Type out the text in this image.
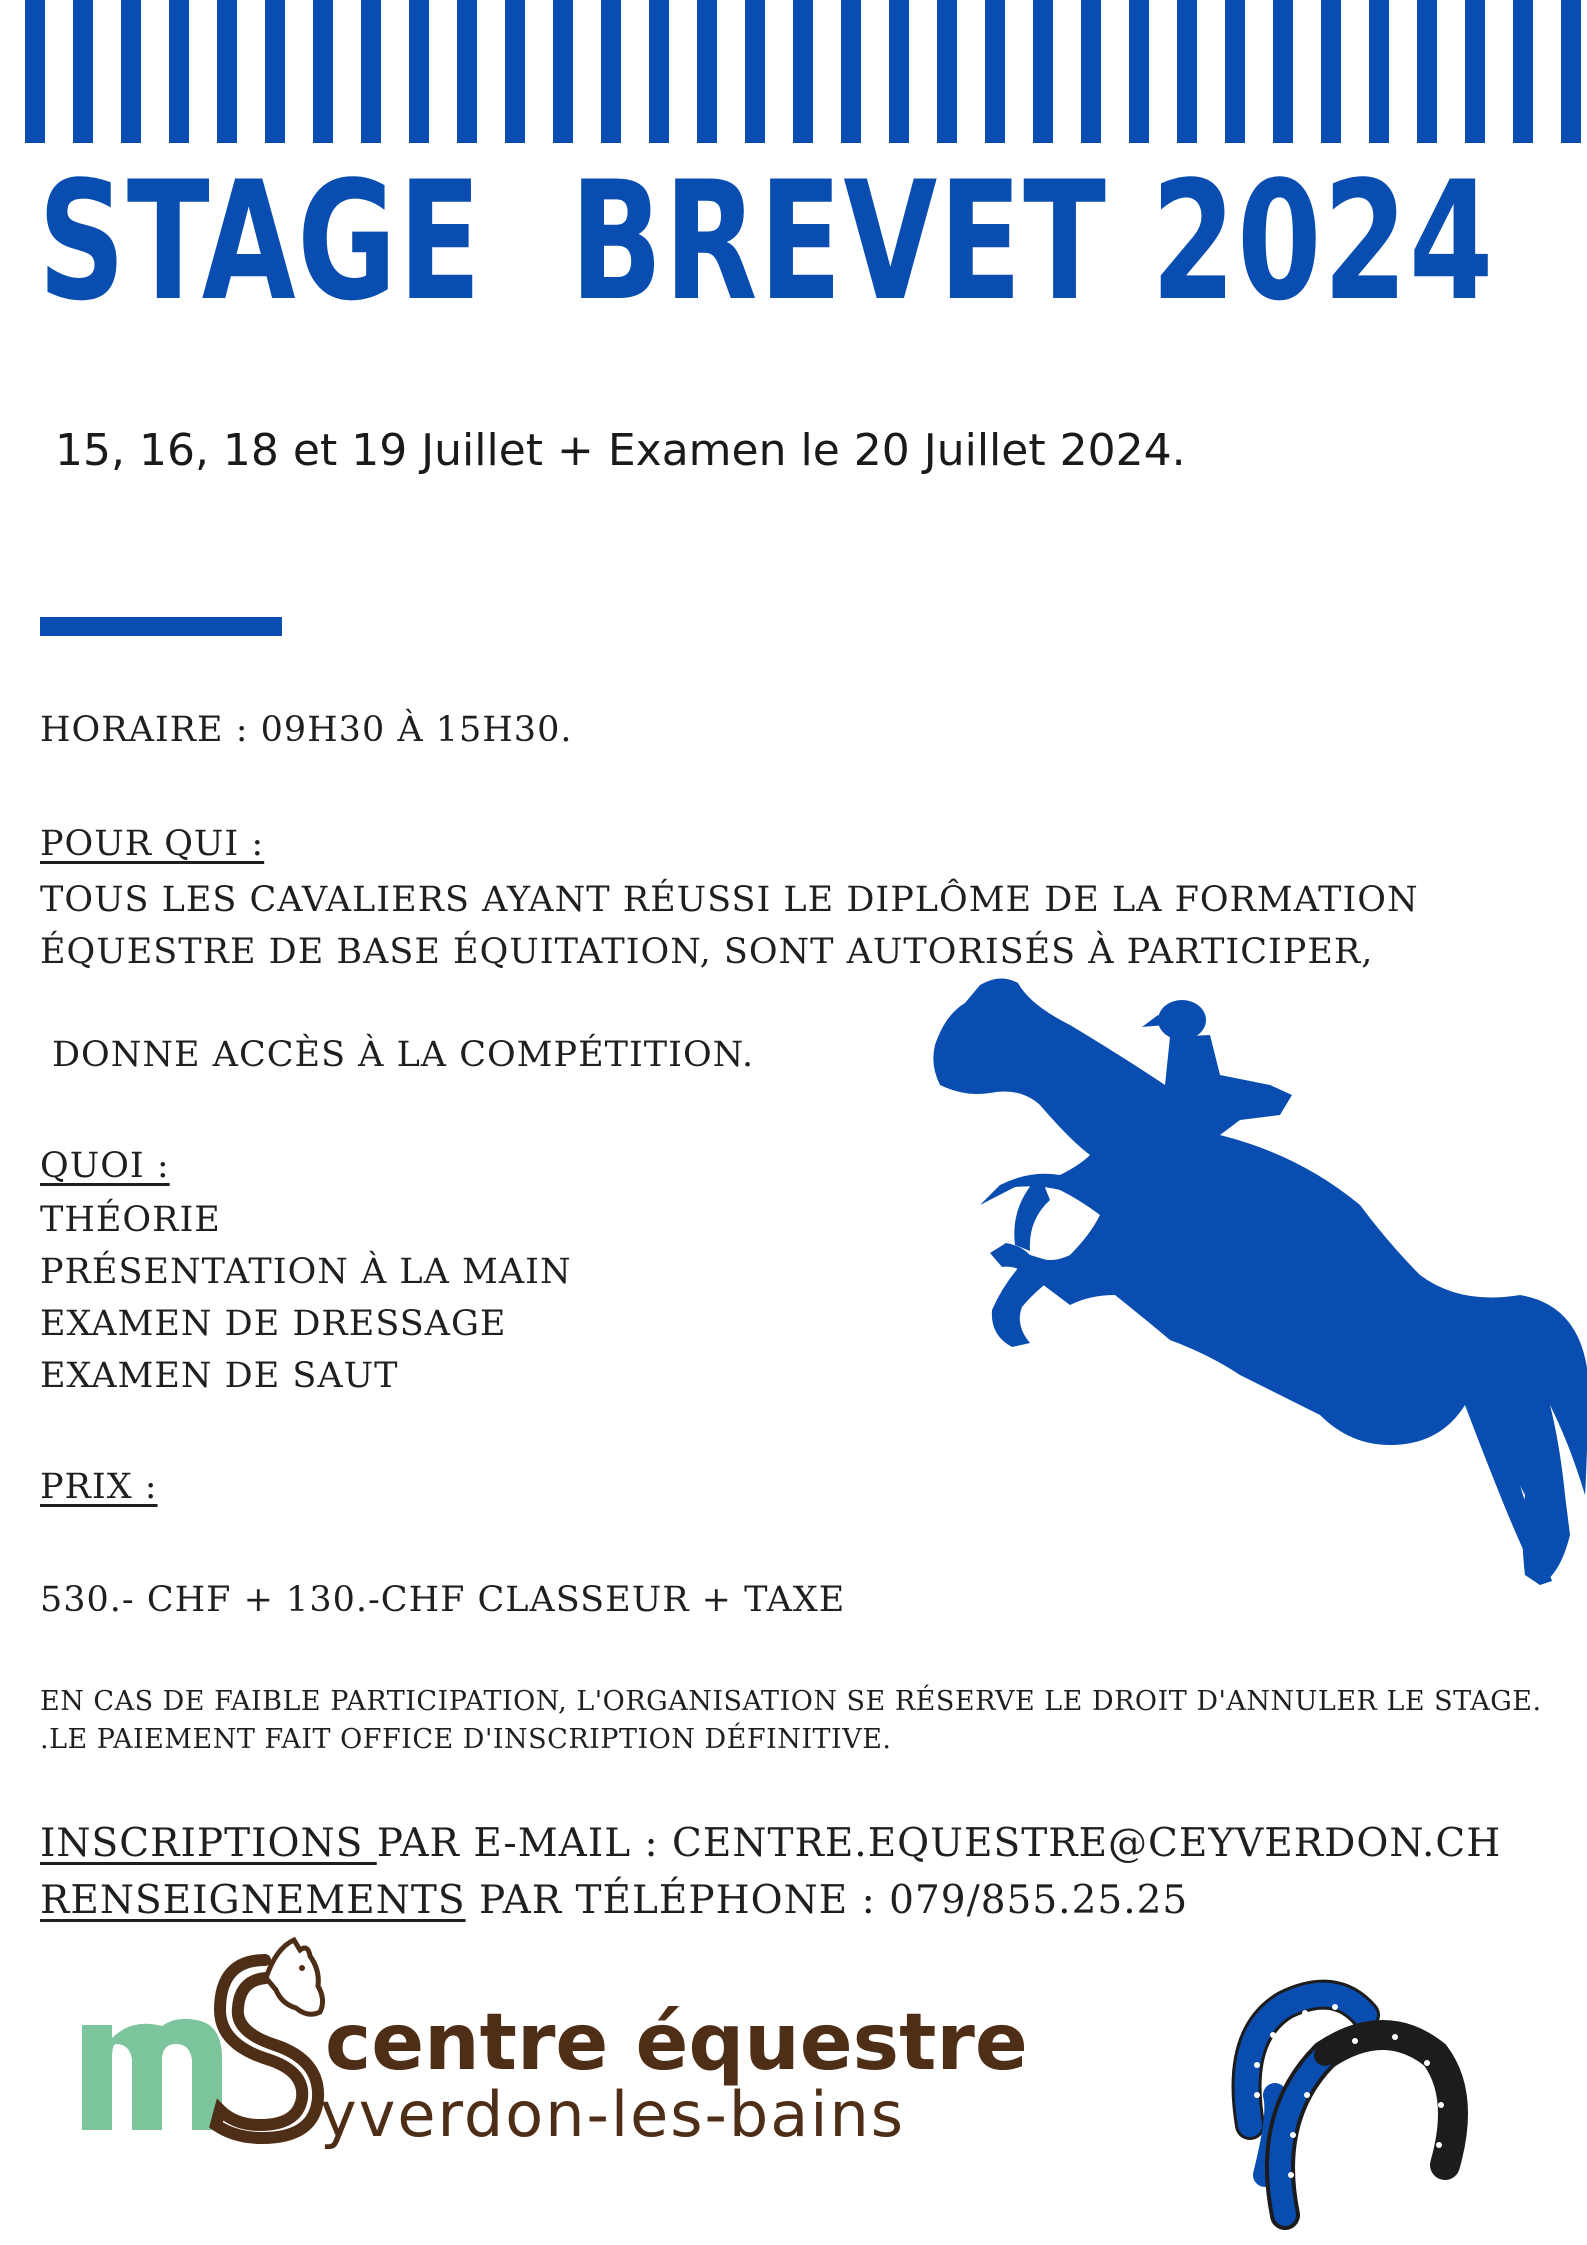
STAGE  BREVET 2024
15, 16, 18 et 19 Juillet + Examen le 20 Juillet 2024.
HORAIRE : 09H30 À 15H30.
POUR QUI :
TOUS LES CAVALIERS AYANT RÉUSSI LE DIPLÔME DE LA FORMATION
ÉQUESTRE DE BASE ÉQUITATION, SONT AUTORISÉS À PARTICIPER,
DONNE ACCÈS À LA COMPÉTITION.
QUOI :
THÉORIE
PRÉSENTATION À LA MAIN
EXAMEN DE DRESSAGE
EXAMEN DE SAUT
PRIX :
530.- CHF + 130.-CHF CLASSEUR + TAXE
EN CAS DE FAIBLE PARTICIPATION, L'ORGANISATION SE RÉSERVE LE DROIT D'ANNULER LE STAGE.
.LE PAIEMENT FAIT OFFICE D'INSCRIPTION DÉFINITIVE.
INSCRIPTIONS PAR E-MAIL : CENTRE.EQUESTRE@CEYVERDON.CH
RENSEIGNEMENTS PAR TÉLÉPHONE : 079/855.25.25
centre équestre
yverdon-les-bains
